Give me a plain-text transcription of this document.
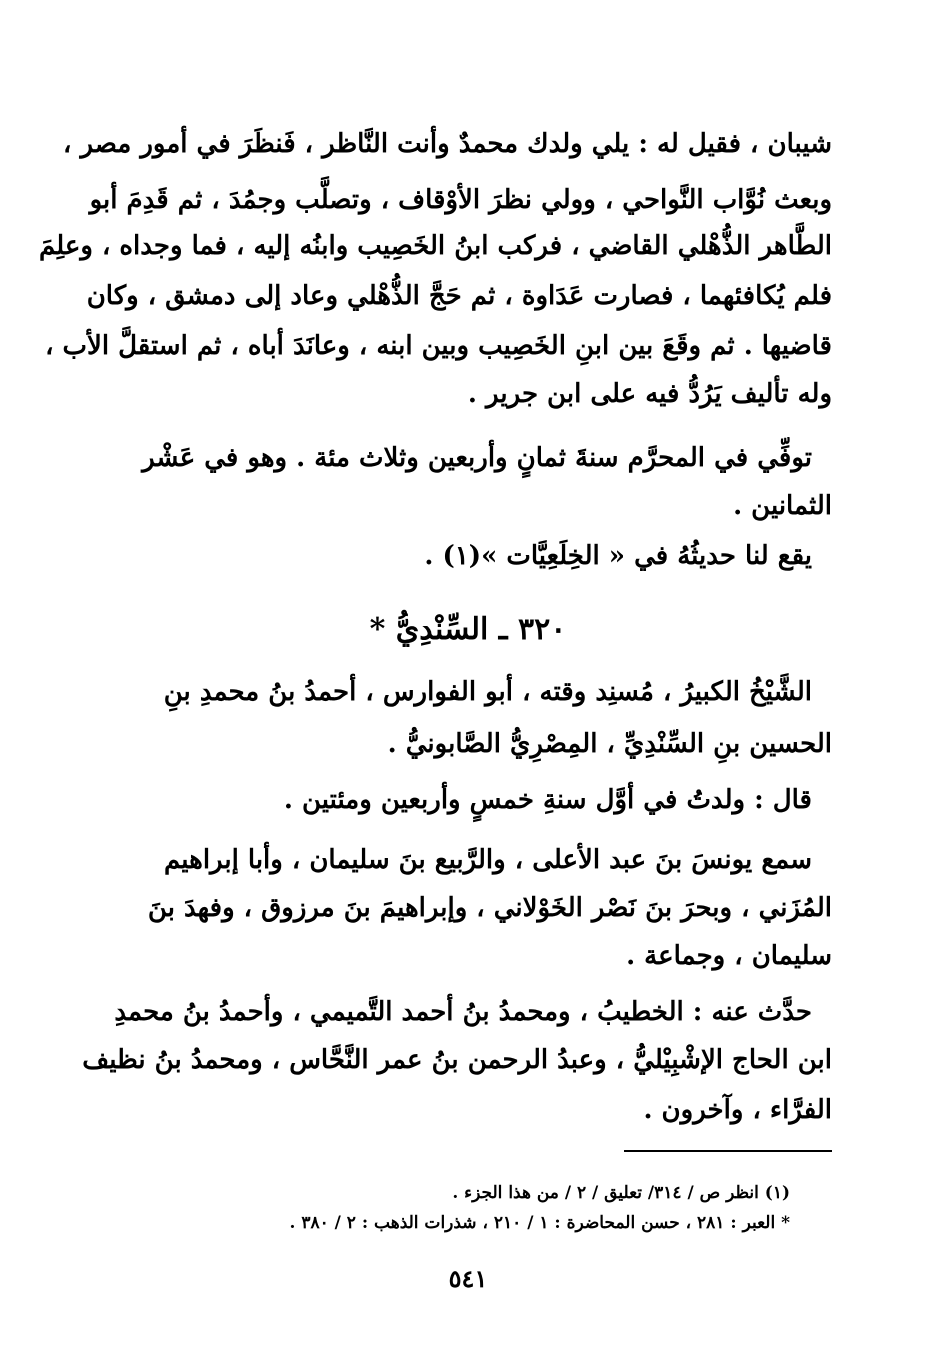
شيبان ، فقيل له : يلي ولدك محمدٌ وأنت النَّاظر ، فَنظَرَ في أمور مصر ،
وبعث نُوَّاب النَّواحي ، وولي نظرَ الأوْقاف ، وتصلَّب وجمُدَ ، ثم قَدِمَ أبو
الطَّاهر الذُّهْلي القاضي ، فركب ابنُ الخَصِيب وابنُه إليه ، فما وجداه ، وعلِمَ
فلم يُكافئهما ، فصارت عَدَاوة ، ثم حَجَّ الذُّهْلي وعاد إلى دمشق ، وكان
قاضيها . ثم وقَعَ بين ابنِ الخَصِيب وبين ابنه ، وعانَدَ أباه ، ثم استقلَّ الأب ،
وله تأليف يَرُدُّ فيه على ابن جرير .
توفِّي في المحرَّم سنةَ ثمانٍ وأربعين وثلاث مئة . وهو في عَشْر
الثمانين .
يقع لنا حديثُهُ في « الخِلَعِيَّات »(١) .
٣٢٠ ـ السِّنْدِيُّ *
الشَّيْخُ الكبيرُ ، مُسنِد وقته ، أبو الفوارس ، أحمدُ بنُ محمدِ بنِ
الحسين بنِ السِّنْدِيِّ ، المِصْرِيُّ الصَّابونيُّ .
قال : ولدتُ في أوَّل سنةِ خمسٍ وأربعين ومئتين .
سمع يونسَ بنَ عبد الأعلى ، والرَّبيع بنَ سليمان ، وأبا إبراهيم
المُزَني ، وبحرَ بنَ نَصْر الخَوْلاني ، وإبراهيمَ بنَ مرزوق ، وفهدَ بنَ
سليمان ، وجماعة .
حدَّث عنه : الخطيبُ ، ومحمدُ بنُ أحمد التَّميمي ، وأحمدُ بنُ محمدِ
ابن الحاج الإشْبِيْليُّ ، وعبدُ الرحمن بنُ عمر النَّحَّاس ، ومحمدُ بنُ نظيف
الفرَّاء ، وآخرون .
(١) انظر ص / ٣١٤/ تعليق / ٢ / من هذا الجزء .
* العبر : ٢٨١ ، حسن المحاضرة : ١ / ٢١٠ ، شذرات الذهب : ٢ / ٣٨٠ .
٥٤١
